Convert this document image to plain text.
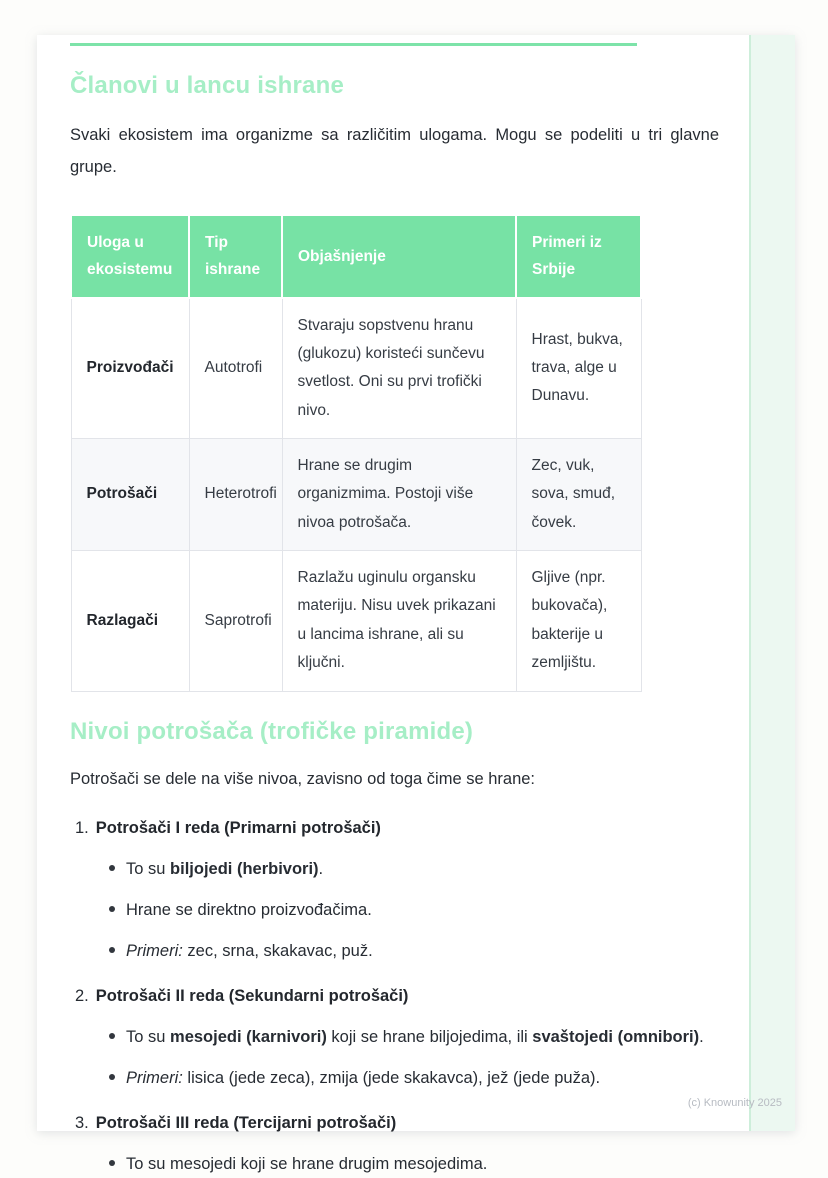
Članovi u lancu ishrane

Svaki ekosistem ima organizme sa različitim ulogama. Mogu se podeliti u tri glavne grupe.

Uloga u ekosistemu	Tip ishrane	Objašnjenje	Primeri iz Srbije
Proizvođači	Autotrofi	Stvaraju sopstvenu hranu (glukozu) koristeći sunčevu svetlost. Oni su prvi trofički nivo.	Hrast, bukva, trava, alge u Dunavu.
Potrošači	Heterotrofi	Hrane se drugim organizmima. Postoji više nivoa potrošača.	Zec, vuk, sova, smuđ, čovek.
Razlagači	Saprotrofi	Razlažu uginulu organsku materiju. Nisu uvek prikazani u lancima ishrane, ali su ključni.	Gljive (npr. bukovača), bakterije u zemljištu.
Nivoi potrošača (trofičke piramide)

Potrošači se dele na više nivoa, zavisno od toga čime se hrane:

1. Potrošači I reda (Primarni potrošači)
To su biljojedi (herbivori).
Hrane se direktno proizvođačima.
Primeri: zec, srna, skakavac, puž.
2. Potrošači II reda (Sekundarni potrošači)
To su mesojedi (karnivori) koji se hrane biljojedima, ili svaštojedi (omnibori).
Primeri: lisica (jede zeca), zmija (jede skakavca), jež (jede puža).
3. Potrošači III reda (Tercijarni potrošači)
To su mesojedi koji se hrane drugim mesojedima.
(c) Knowunity 2025
